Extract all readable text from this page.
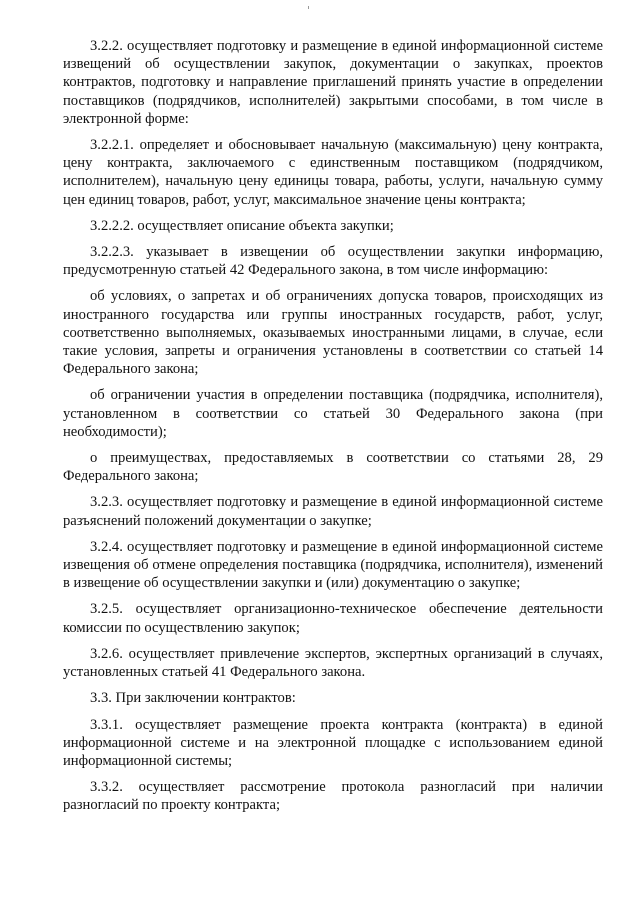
3.2.2. осуществляет подготовку и размещение в единой информационной системе извещений об осуществлении закупок, документации о закупках, проектов контрактов, подготовку и направление приглашений принять участие в определении поставщиков (подрядчиков, исполнителей) закрытыми способами, в том числе в электронной форме:

3.2.2.1. определяет и обосновывает начальную (максимальную) цену контракта, цену контракта, заключаемого с единственным поставщиком (подрядчиком, исполнителем), начальную цену единицы товара, работы, услуги, начальную сумму цен единиц товаров, работ, услуг, максимальное значение цены контракта;

3.2.2.2. осуществляет описание объекта закупки;

3.2.2.3. указывает в извещении об осуществлении закупки информацию, предусмотренную статьей 42 Федерального закона, в том числе информацию:

об условиях, о запретах и об ограничениях допуска товаров, происходящих из иностранного государства или группы иностранных государств, работ, услуг, соответственно выполняемых, оказываемых иностранными лицами, в случае, если такие условия, запреты и ограничения установлены в соответствии со статьей 14 Федерального закона;

об ограничении участия в определении поставщика (подрядчика, исполнителя), установленном в соответствии со статьей 30 Федерального закона (при необходимости);

о преимуществах, предоставляемых в соответствии со статьями 28, 29 Федерального закона;

3.2.3. осуществляет подготовку и размещение в единой информационной системе разъяснений положений документации о закупке;

3.2.4. осуществляет подготовку и размещение в единой информационной системе извещения об отмене определения поставщика (подрядчика, исполнителя), изменений в извещение об осуществлении закупки и (или) документацию о закупке;

3.2.5. осуществляет организационно-техническое обеспечение деятельности комиссии по осуществлению закупок;

3.2.6. осуществляет привлечение экспертов, экспертных организаций в случаях, установленных статьей 41 Федерального закона.

3.3. При заключении контрактов:

3.3.1. осуществляет размещение проекта контракта (контракта) в единой информационной системе и на электронной площадке с использованием единой информационной системы;

3.3.2. осуществляет рассмотрение протокола разногласий при наличии разногласий по проекту контракта;
